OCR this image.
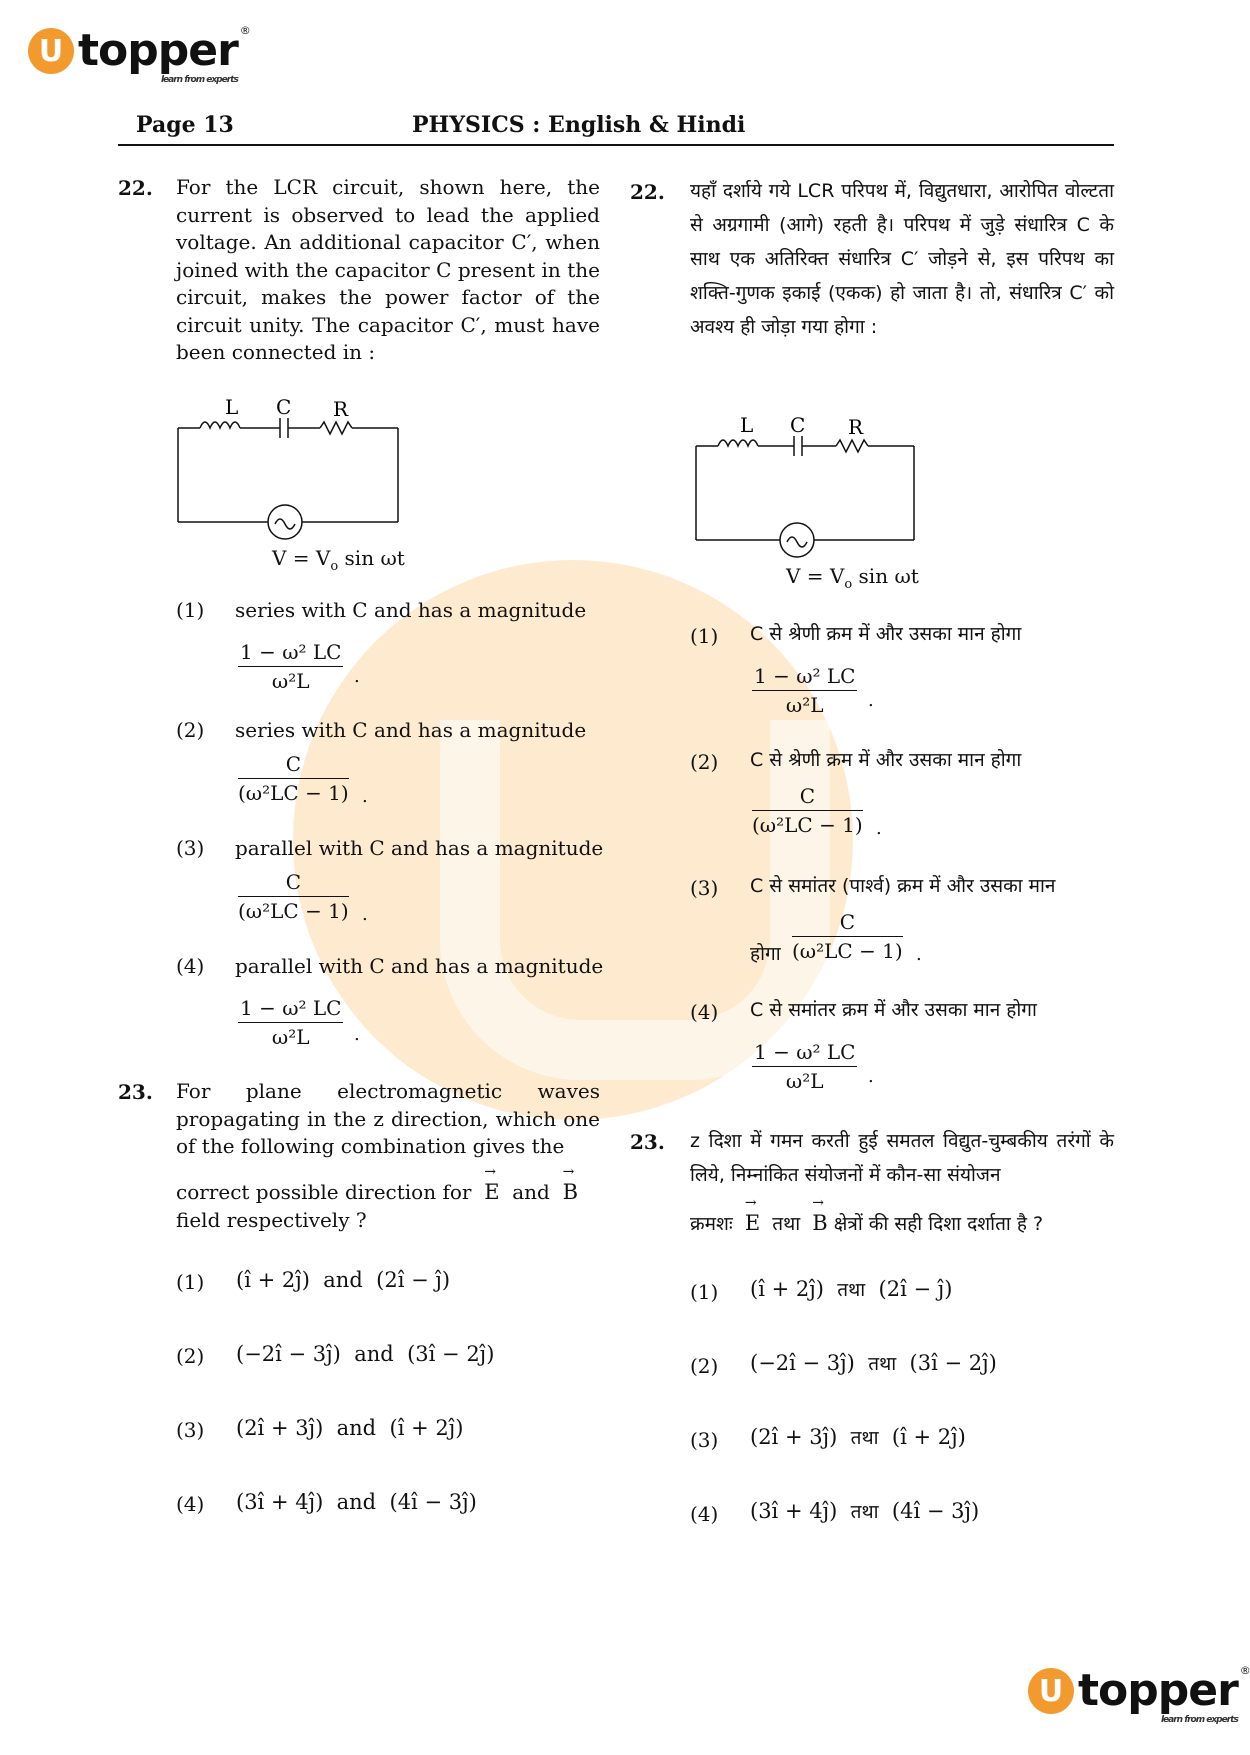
U topper ®
learn from experts
Page 13	PHYSICS : English & Hindi
22. For the LCR circuit, shown here, the current is observed to lead the applied voltage. An additional capacitor C′, when joined with the capacitor C present in the circuit, makes the power factor of the circuit unity. The capacitor C′, must have been connected in :
L C R
$V = V_o$ sin ωt
(1) series with C and has a magnitude
1 − ω² LC
ω²L	.
(2) series with C and has a magnitude
C
(ω²LC − 1) .
(3) parallel with C and has a magnitude
C
(ω²LC − 1) .
(4) parallel with C and has a magnitude
1 − ω² LC
ω²L	.
23. For plane electromagnetic waves propagating in the z direction, which one of the following combination gives the
correct possible direction for
→
E and
→
B
field respectively ?
(1) (î + 2ĵ) and (2î − ĵ)
(2) (−2î − 3ĵ) and (3î − 2ĵ)
(3) (2î + 3ĵ) and (î + 2ĵ)
(4) (3î + 4ĵ) and (4î − 3ĵ)
22. यहाँ दर्शाये गये LCR परिपथ में, विद्युतधारा, आरोपित वोल्टता से अग्रगामी (आगे) रहती है। परिपथ में जुड़े संधारित्र C के साथ एक अतिरिक्त संधारित्र C′ जोड़ने से, इस परिपथ का शक्ति-गुणक इकाई (एकक) हो जाता है। तो, संधारित्र C′ को अवश्य ही जोड़ा गया होगा :
L C R
$V = V_o$ sin ωt
(1) C से श्रेणी क्रम में और उसका मान होगा
1 − ω² LC
ω²L	.
(2) C से श्रेणी क्रम में और उसका मान होगा
C
(ω²LC − 1) .
(3) C से समांतर (पार्श्व) क्रम में और उसका मान
होगा
C
(ω²LC − 1) .
(4) C से समांतर क्रम में और उसका मान होगा
1 − ω² LC
ω²L	.
23. z दिशा में गमन करती हुई समतल विद्युत-चुम्बकीय तरंगों के लिये, निम्नांकित संयोजनों में कौन-सा संयोजन
क्रमशः
→
E तथा
→
B क्षेत्रों की सही दिशा दर्शाता है ?
(1) (î + 2ĵ) तथा (2î − ĵ)
(2) (−2î − 3ĵ) तथा (3î − 2ĵ)
(3) (2î + 3ĵ) तथा (î + 2ĵ)
(4) (3î + 4ĵ) तथा (4î − 3ĵ)
U topper ®
learn from experts
